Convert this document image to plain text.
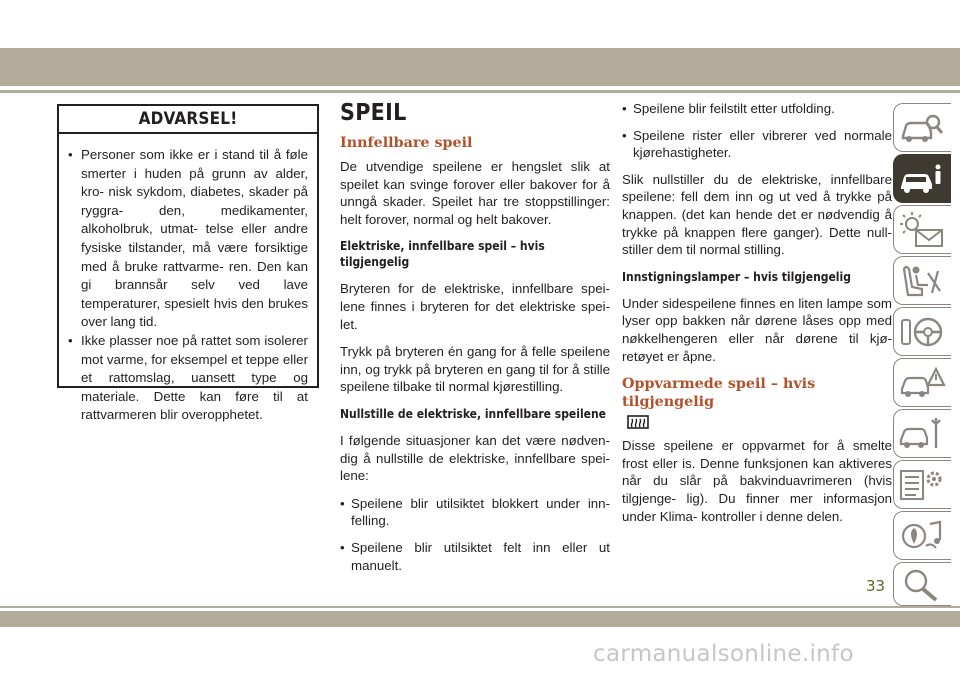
ADVARSEL!
• Personer som ikke er i stand til å føle smerter i huden på grunn av alder, kro- nisk sykdom, diabetes, skader på ryggra- den, medikamenter, alkoholbruk, utmat- telse eller andre fysiske tilstander, må være forsiktige med å bruke rattvarme- ren. Den kan gi brannsår selv ved lave temperaturer, spesielt hvis den brukes over lang tid.
• Ikke plasser noe på rattet som isolerer mot varme, for eksempel et teppe eller et rattomslag, uansett type og materiale. Dette kan føre til at rattvarmeren blir overopphetet.
SPEIL
Innfellbare speil
De utvendige speilene er hengslet slik at speilet kan svinge forover eller bakover for å unngå skader. Speilet har tre stoppstillinger: helt forover, normal og helt bakover.
Elektriske, innfellbare speil – hvis tilgjengelig
Bryteren for de elektriske, innfellbare spei- lene finnes i bryteren for det elektriske spei- let.
Trykk på bryteren én gang for å felle speilene inn, og trykk på bryteren en gang til for å stille speilene tilbake til normal kjørestilling.
Nullstille de elektriske, innfellbare speilene
I følgende situasjoner kan det være nødven- dig å nullstille de elektriske, innfellbare spei- lene:
• Speilene blir utilsiktet blokkert under inn- felling.
• Speilene blir utilsiktet felt inn eller ut manuelt.
• Speilene blir feilstilt etter utfolding.
• Speilene rister eller vibrerer ved normale kjørehastigheter.
Slik nullstiller du de elektriske, innfellbare speilene: fell dem inn og ut ved å trykke på knappen. (det kan hende det er nødvendig å trykke på knappen flere ganger). Dette null- stiller dem til normal stilling.
Innstigningslamper – hvis tilgjengelig
Under sidespeilene finnes en liten lampe som lyser opp bakken når dørene låses opp med nøkkelhengeren eller når dørene til kjø- retøyet er åpne.
Oppvarmede speil – hvis tilgjengelig
Disse speilene er oppvarmet for å smelte frost eller is. Denne funksjonen kan aktiveres når du slår på bakvinduavrimeren (hvis tilgjenge- lig). Du finner mer informasjon under Klima- kontroller i denne delen.
33
carmanualsonline.info
